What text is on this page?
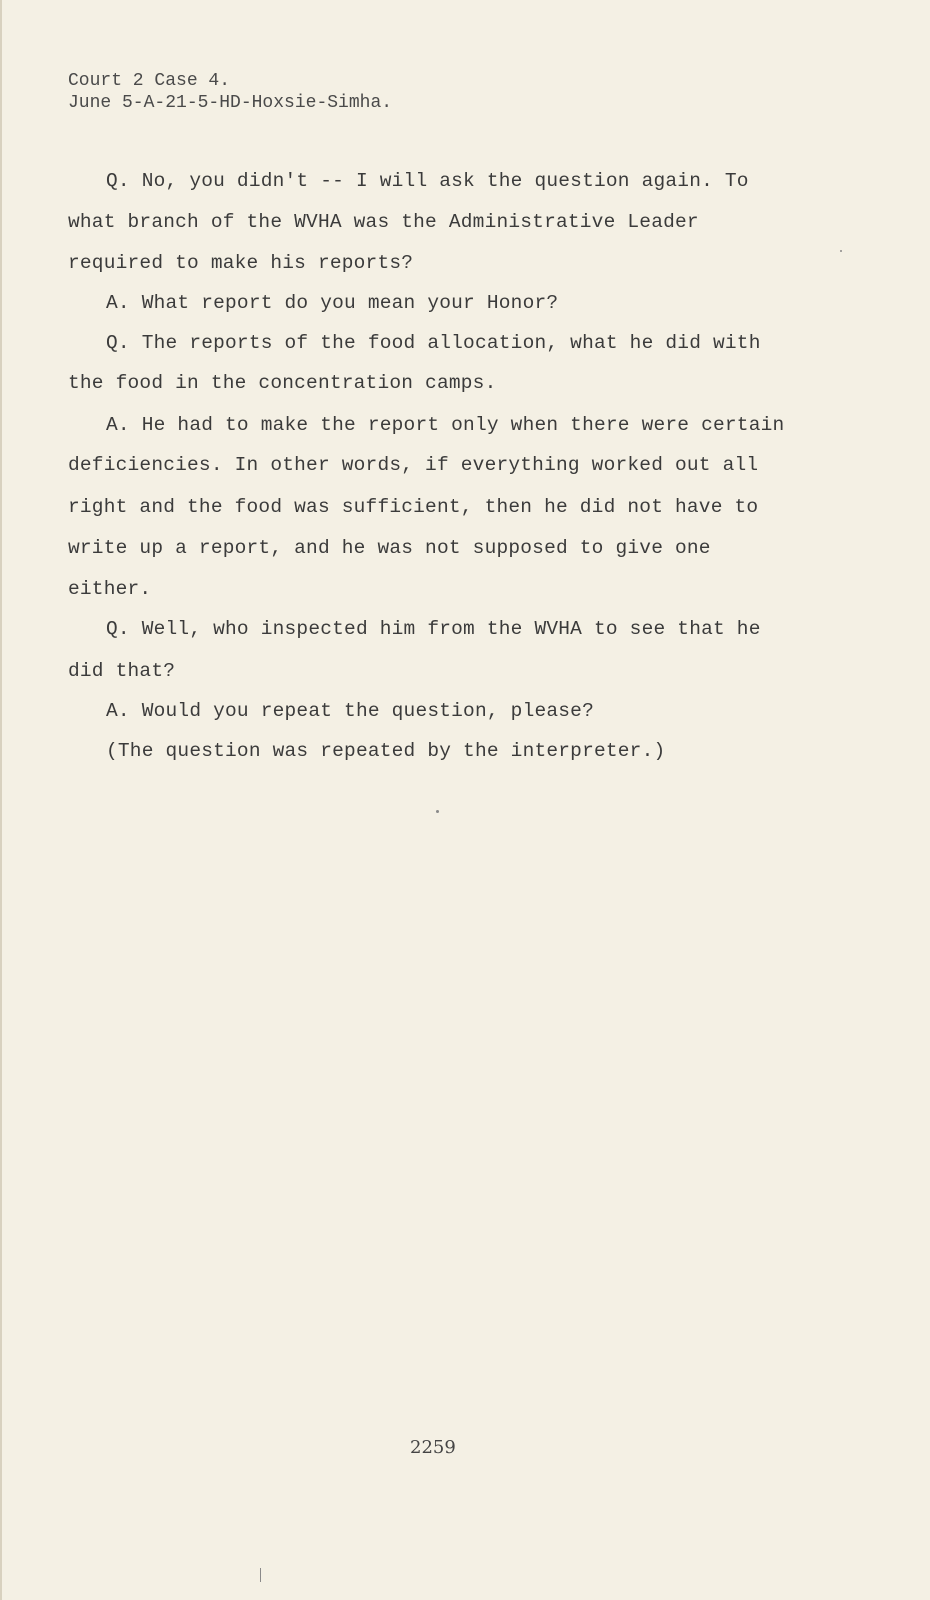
Court 2 Case 4.
June 5-A-21-5-HD-Hoxsie-Simha.
Q. No, you didn't -- I will ask the question again. To
what branch of the WVHA was the Administrative Leader
required to make his reports?
A. What report do you mean your Honor?
Q. The reports of the food allocation, what he did with
the food in the concentration camps.
A. He had to make the report only when there were certain
deficiencies. In other words, if everything worked out all
right and the food was sufficient, then he did not have to
write up a report, and he was not supposed to give one
either.
Q. Well, who inspected him from the WVHA to see that he
did that?
A. Would you repeat the question, please?
(The question was repeated by the interpreter.)
2259
